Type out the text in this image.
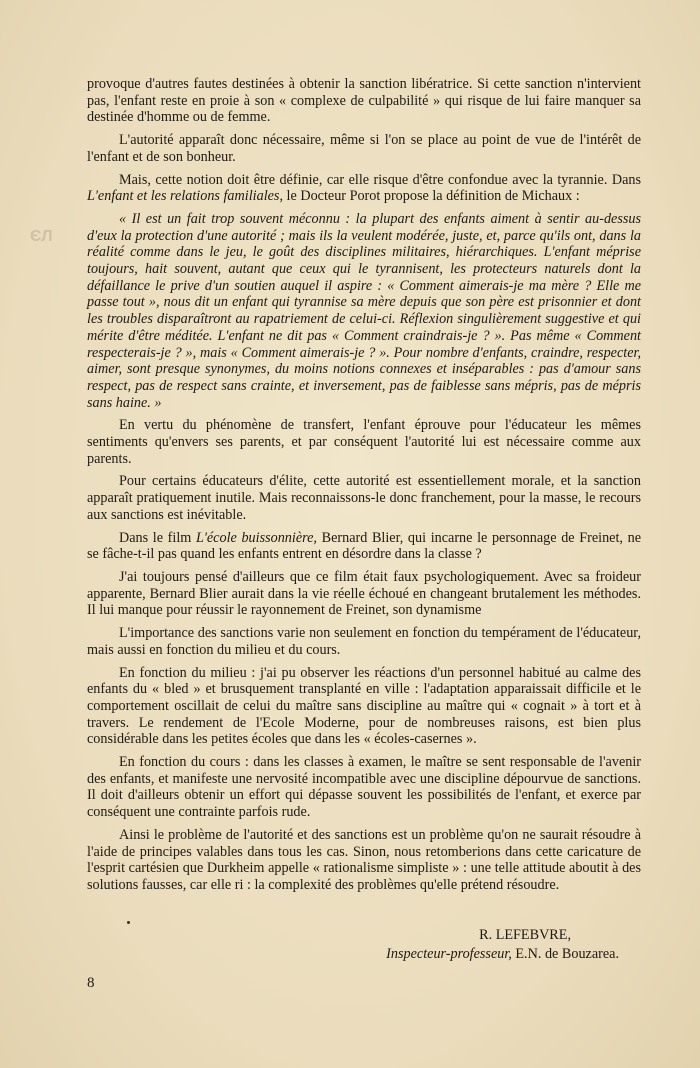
ЄЛ

provoque d'autres fautes destinées à obtenir la sanction libératrice. Si cette sanction n'intervient pas, l'enfant reste en proie à son « complexe de culpabilité » qui risque de lui faire manquer sa destinée d'homme ou de femme.

L'autorité apparaît donc nécessaire, même si l'on se place au point de vue de l'intérêt de l'enfant et de son bonheur.

Mais, cette notion doit être définie, car elle risque d'être confondue avec la tyrannie. Dans L'enfant et les relations familiales, le Docteur Porot propose la définition de Michaux :

« Il est un fait trop souvent méconnu : la plupart des enfants aiment à sentir au-dessus d'eux la protection d'une autorité ; mais ils la veulent modérée, juste, et, parce qu'ils ont, dans la réalité comme dans le jeu, le goût des disciplines militaires, hiérarchiques. L'enfant méprise toujours, hait souvent, autant que ceux qui le tyrannisent, les protecteurs naturels dont la défaillance le prive d'un soutien auquel il aspire : « Comment aimerais-je ma mère ? Elle me passe tout », nous dit un enfant qui tyrannise sa mère depuis que son père est prisonnier et dont les troubles disparaîtront au rapatriement de celui-ci. Réflexion singulièrement suggestive et qui mérite d'être méditée. L'enfant ne dit pas « Comment craindrais-je ? ». Pas même « Comment respecterais-je ? », mais « Comment aimerais-je ? ». Pour nombre d'enfants, craindre, respecter, aimer, sont presque synonymes, du moins notions connexes et inséparables : pas d'amour sans respect, pas de respect sans crainte, et inversement, pas de faiblesse sans mépris, pas de mépris sans haine. »

En vertu du phénomène de transfert, l'enfant éprouve pour l'éducateur les mêmes sentiments qu'envers ses parents, et par conséquent l'autorité lui est nécessaire comme aux parents.

Pour certains éducateurs d'élite, cette autorité est essentiellement morale, et la sanction apparaît pratiquement inutile. Mais reconnaissons-le donc franchement, pour la masse, le recours aux sanctions est inévitable.

Dans le film L'école buissonnière, Bernard Blier, qui incarne le personnage de Freinet, ne se fâche-t-il pas quand les enfants entrent en désordre dans la classe ?

J'ai toujours pensé d'ailleurs que ce film était faux psychologiquement. Avec sa froideur apparente, Bernard Blier aurait dans la vie réelle échoué en changeant brutalement les méthodes. Il lui manque pour réussir le rayonnement de Freinet, son dynamisme

L'importance des sanctions varie non seulement en fonction du tempérament de l'éducateur, mais aussi en fonction du milieu et du cours.

En fonction du milieu : j'ai pu observer les réactions d'un personnel habitué au calme des enfants du « bled » et brusquement transplanté en ville : l'adaptation apparaissait difficile et le comportement oscillait de celui du maître sans discipline au maître qui « cognait » à tort et à travers. Le rendement de l'Ecole Moderne, pour de nombreuses raisons, est bien plus considérable dans les petites écoles que dans les « écoles-casernes ».

En fonction du cours : dans les classes à examen, le maître se sent responsable de l'avenir des enfants, et manifeste une nervosité incompatible avec une discipline dépourvue de sanctions. Il doit d'ailleurs obtenir un effort qui dépasse souvent les possibilités de l'enfant, et exerce par conséquent une contrainte parfois rude.

Ainsi le problème de l'autorité et des sanctions est un problème qu'on ne saurait résoudre à l'aide de principes valables dans tous les cas. Sinon, nous retomberions dans cette caricature de l'esprit cartésien que Durkheim appelle « rationalisme simpliste » : une telle attitude aboutit à des solutions fausses, car elle ri : la complexité des problèmes qu'elle prétend résoudre.

R. LEFEBVRE,
Inspecteur-professeur, E.N. de Bouzarea.
8
